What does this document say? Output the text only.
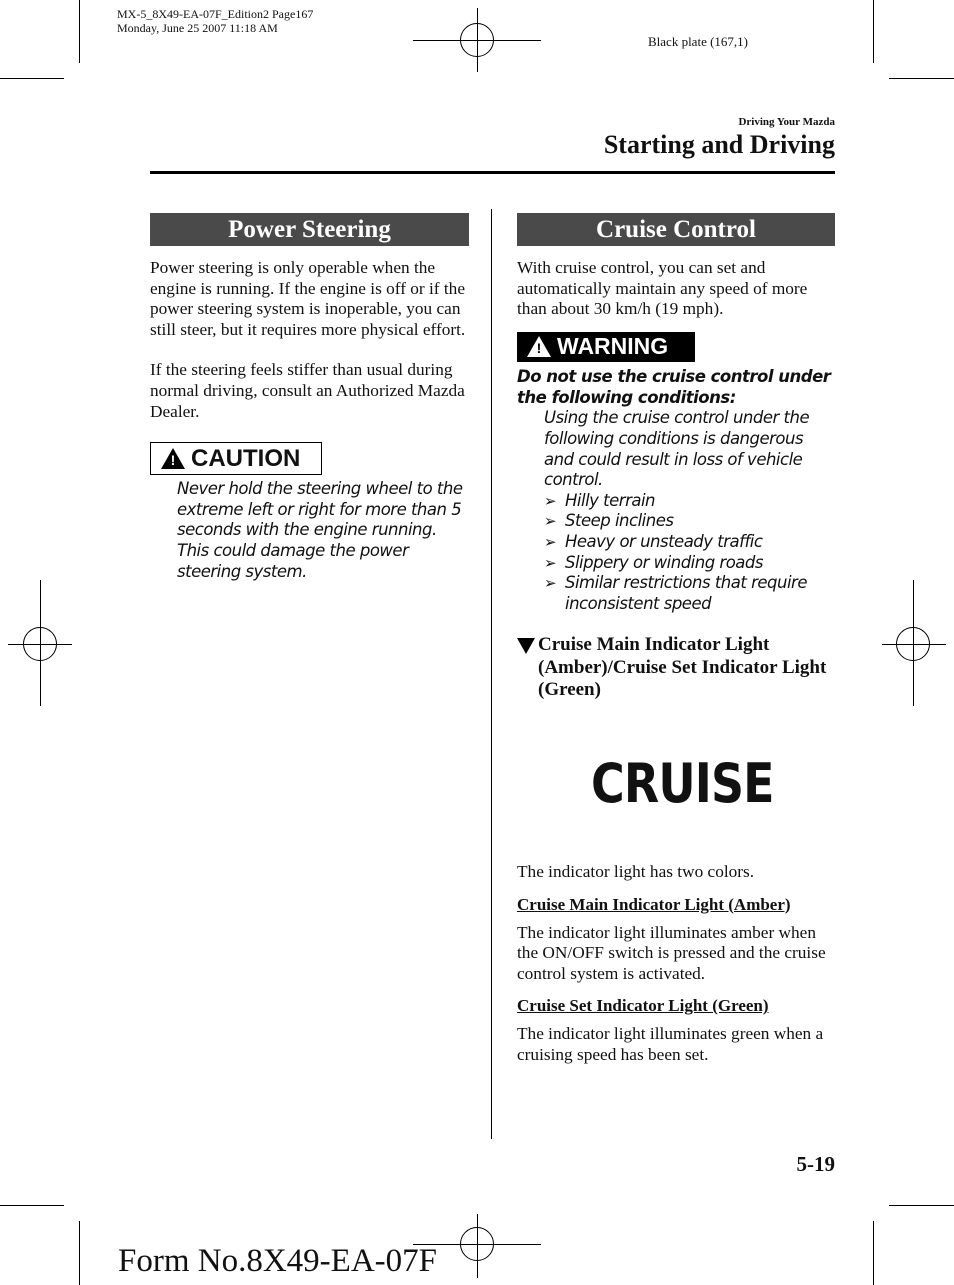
MX-5_8X49-EA-07F_Edition2 Page167
Monday, June 25 2007 11:18 AM
Black plate (167,1)
Driving Your Mazda
Starting and Driving
Power Steering

Power steering is only operable when the engine is running. If the engine is off or if the power steering system is inoperable, you can still steer, but it requires more physical effort.

If the steering feels stiffer than usual during normal driving, consult an Authorized Mazda Dealer.

! CAUTION

Never hold the steering wheel to the extreme left or right for more than 5 seconds with the engine running. This could damage the power steering system.

Cruise Control

With cruise control, you can set and automatically maintain any speed of more than about 30 km/h (19 mph).

! WARNING

Do not use the cruise control under the following conditions:

Using the cruise control under the following conditions is dangerous and could result in loss of vehicle control.

➢ Hilly terrain
➢ Steep inclines
➢ Heavy or unsteady traffic
➢ Slippery or winding roads
➢ Similar restrictions that require inconsistent speed
Cruise Main Indicator Light (Amber)/Cruise Set Indicator Light (Green)
CRUISE

The indicator light has two colors.

Cruise Main Indicator Light (Amber)

The indicator light illuminates amber when the ON/OFF switch is pressed and the cruise control system is activated.

Cruise Set Indicator Light (Green)

The indicator light illuminates green when a cruising speed has been set.

5-19
Form No.8X49-EA-07F
